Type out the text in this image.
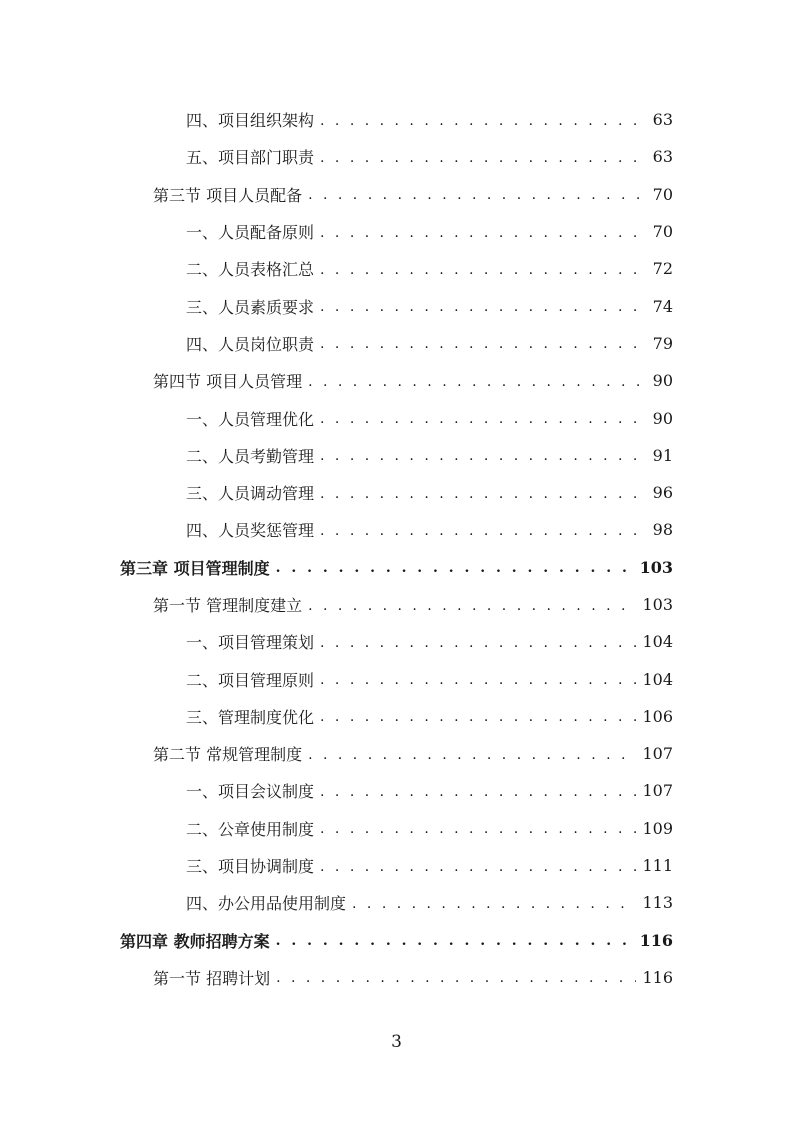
四、项目组织架构 . . .	63
五、项目部门职责 . . .	63
第三节 项目人员配备 . . .	70
一、人员配备原则 . . .	70
二、人员表格汇总 . . .	72
三、人员素质要求 . . .	74
四、人员岗位职责 . . .	79
第四节 项目人员管理 . . .	90
一、人员管理优化 . . .	90
二、人员考勤管理 . . .	91
三、人员调动管理 . . .	96
四、人员奖惩管理 . . .	98
第三章 项目管理制度 . . .	103
第一节 管理制度建立 . . .	103
一、项目管理策划 . . .	104
二、项目管理原则 . . .	104
三、管理制度优化 . . .	106
第二节 常规管理制度 . . .	107
一、项目会议制度 . . .	107
二、公章使用制度 . . .	109
三、项目协调制度 . . .	111
四、办公用品使用制度 . . .	113
第四章 教师招聘方案 . . .	116
第一节 招聘计划 . . .	116
3
